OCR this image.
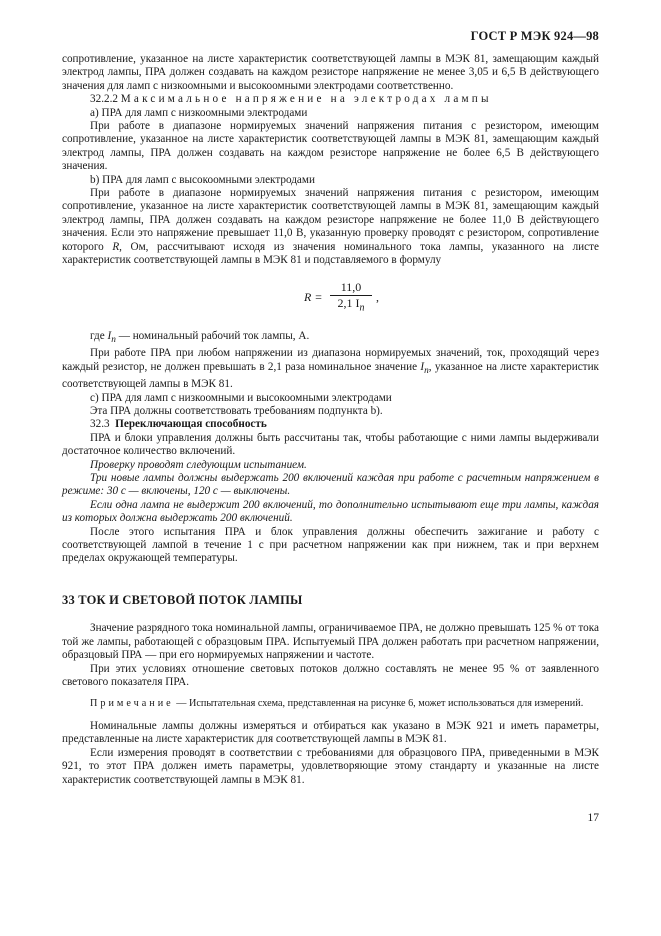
ГОСТ Р МЭК 924—98

сопротивление, указанное на листе характеристик соответствующей лампы в МЭК 81, замещающим каждый электрод лампы, ПРА должен создавать на каждом резисторе напряжение не менее 3,05 и 6,5 В действующего значения для ламп с низкоомными и высокоомными электродами соответственно.

32.2.2 Максимальное напряжение на электродах лампы

а) ПРА для ламп с низкоомными электродами

При работе в диапазоне нормируемых значений напряжения питания с резистором, имеющим сопротивление, указанное на листе характеристик соответствующей лампы в МЭК 81, замещающим каждый электрод лампы, ПРА должен создавать на каждом резисторе напряжение не более 6,5 В действующего значения.

b) ПРА для ламп с высокоомными электродами

При работе в диапазоне нормируемых значений напряжения питания с резистором, имеющим сопротивление, указанное на листе характеристик соответствующей лампы в МЭК 81, замещающим каждый электрод лампы, ПРА должен создавать на каждом резисторе напряжение не более 11,0 В действующего значения. Если это напряжение превышает 11,0 В, указанную проверку проводят с резистором, сопротивление которого R, Ом, рассчитывают исходя из значения номинального тока лампы, указанного на листе характеристик соответствующей лампы в МЭК 81 и подставляемого в формулу

$R = \frac{11,0}{2,1 I_n}$ ,

где $I_n$ — номинальный рабочий ток лампы, А.

При работе ПРА при любом напряжении из диапазона нормируемых значений, ток, проходящий через каждый резистор, не должен превышать в 2,1 раза номинальное значение $I_n$, указанное на листе характеристик соответствующей лампы в МЭК 81.

с) ПРА для ламп с низкоомными и высокоомными электродами

Эта ПРА должны соответствовать требованиям подпункта b).

32.3 Переключающая способность

ПРА и блоки управления должны быть рассчитаны так, чтобы работающие с ними лампы выдерживали достаточное количество включений.

Проверку проводят следующим испытанием.

Три новые лампы должны выдержать 200 включений каждая при работе с расчетным напряжением в режиме: 30 с — включены, 120 с — выключены.

Если одна лампа не выдержит 200 включений, то дополнительно испытывают еще три лампы, каждая из которых должна выдержать 200 включений.

После этого испытания ПРА и блок управления должны обеспечить зажигание и работу с соответствующей лампой в течение 1 с при расчетном напряжении как при нижнем, так и при верхнем пределах окружающей температуры.

33 ТОК И СВЕТОВОЙ ПОТОК ЛАМПЫ

Значение разрядного тока номинальной лампы, ограничиваемое ПРА, не должно превышать 125 % от тока той же лампы, работающей с образцовым ПРА. Испытуемый ПРА должен работать при расчетном напряжении, образцовый ПРА — при его нормируемых напряжении и частоте.

При этих условиях отношение световых потоков должно составлять не менее 95 % от заявленного светового показателя ПРА.

Примечание — Испытательная схема, представленная на рисунке 6, может использоваться для измерений.

Номинальные лампы должны измеряться и отбираться как указано в МЭК 921 и иметь параметры, представленные на листе характеристик для соответствующей лампы в МЭК 81.

Если измерения проводят в соответствии с требованиями для образцового ПРА, приведенными в МЭК 921, то этот ПРА должен иметь параметры, удовлетворяющие этому стандарту и указанные на листе характеристик соответствующей лампы в МЭК 81.

17
